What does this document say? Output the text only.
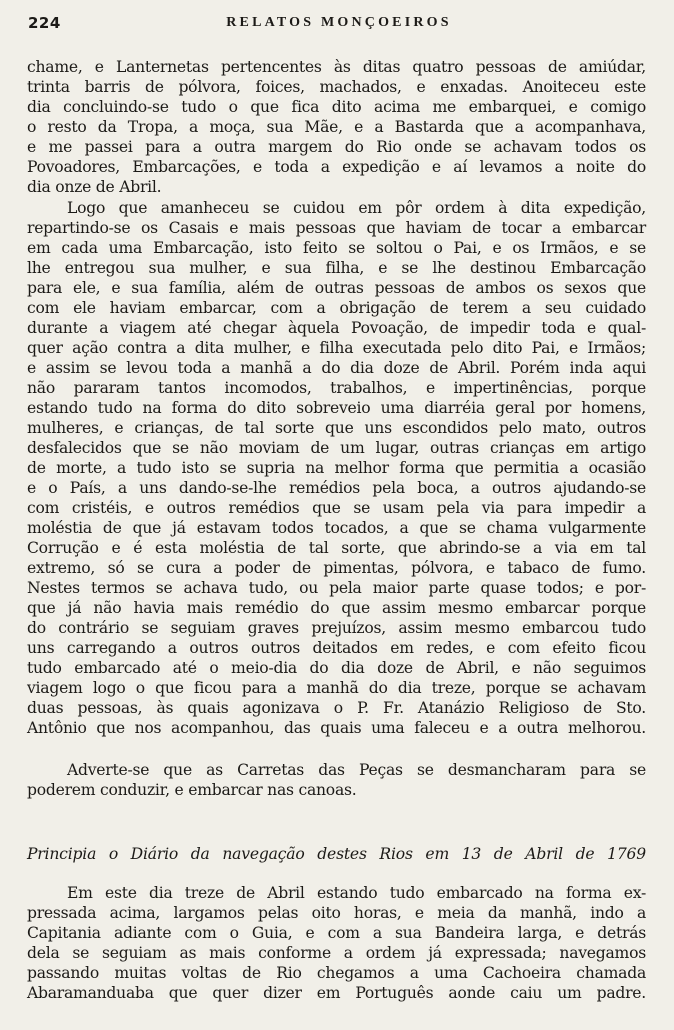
224	RELATOS MONÇOEIROS
chame, e Lanternetas pertencentes às ditas quatro pessoas de amiúdar,
trinta barris de pólvora, foices, machados, e enxadas. Anoiteceu este
dia concluindo-se tudo o que fica dito acima me embarquei, e comigo
o resto da Tropa, a moça, sua Mãe, e a Bastarda que a acompanhava,
e me passei para a outra margem do Rio onde se achavam todos os
Povoadores, Embarcações, e toda a expedição e aí levamos a noite do
dia onze de Abril.
Logo que amanheceu se cuidou em pôr ordem à dita expedição,
repartindo-se os Casais e mais pessoas que haviam de tocar a embarcar
em cada uma Embarcação, isto feito se soltou o Pai, e os Irmãos, e se
lhe entregou sua mulher, e sua filha, e se lhe destinou Embarcação
para ele, e sua família, além de outras pessoas de ambos os sexos que
com ele haviam embarcar, com a obrigação de terem a seu cuidado
durante a viagem até chegar àquela Povoação, de impedir toda e qual-
quer ação contra a dita mulher, e filha executada pelo dito Pai, e Irmãos;
e assim se levou toda a manhã a do dia doze de Abril. Porém inda aqui
não pararam tantos incomodos, trabalhos, e impertinências, porque
estando tudo na forma do dito sobreveio uma diarréia geral por homens,
mulheres, e crianças, de tal sorte que uns escondidos pelo mato, outros
desfalecidos que se não moviam de um lugar, outras crianças em artigo
de morte, a tudo isto se supria na melhor forma que permitia a ocasião
e o País, a uns dando-se-lhe remédios pela boca, a outros ajudando-se
com cristéis, e outros remédios que se usam pela via para impedir a
moléstia de que já estavam todos tocados, a que se chama vulgarmente
Corrução e é esta moléstia de tal sorte, que abrindo-se a via em tal
extremo, só se cura a poder de pimentas, pólvora, e tabaco de fumo.
Nestes termos se achava tudo, ou pela maior parte quase todos; e por-
que já não havia mais remédio do que assim mesmo embarcar porque
do contrário se seguiam graves prejuízos, assim mesmo embarcou tudo
uns carregando a outros outros deitados em redes, e com efeito ficou
tudo embarcado até o meio-dia do dia doze de Abril, e não seguimos
viagem logo o que ficou para a manhã do dia treze, porque se achavam
duas pessoas, às quais agonizava o P. Fr. Atanázio Religioso de Sto.
Antônio que nos acompanhou, das quais uma faleceu e a outra melhorou.
Adverte-se que as Carretas das Peças se desmancharam para se
poderem conduzir, e embarcar nas canoas.
Principia o Diário da navegação destes Rios em 13 de Abril de 1769
Em este dia treze de Abril estando tudo embarcado na forma ex-
pressada acima, largamos pelas oito horas, e meia da manhã, indo a
Capitania adiante com o Guia, e com a sua Bandeira larga, e detrás
dela se seguiam as mais conforme a ordem já expressada; navegamos
passando muitas voltas de Rio chegamos a uma Cachoeira chamada
Abaramanduaba que quer dizer em Português aonde caiu um padre.
